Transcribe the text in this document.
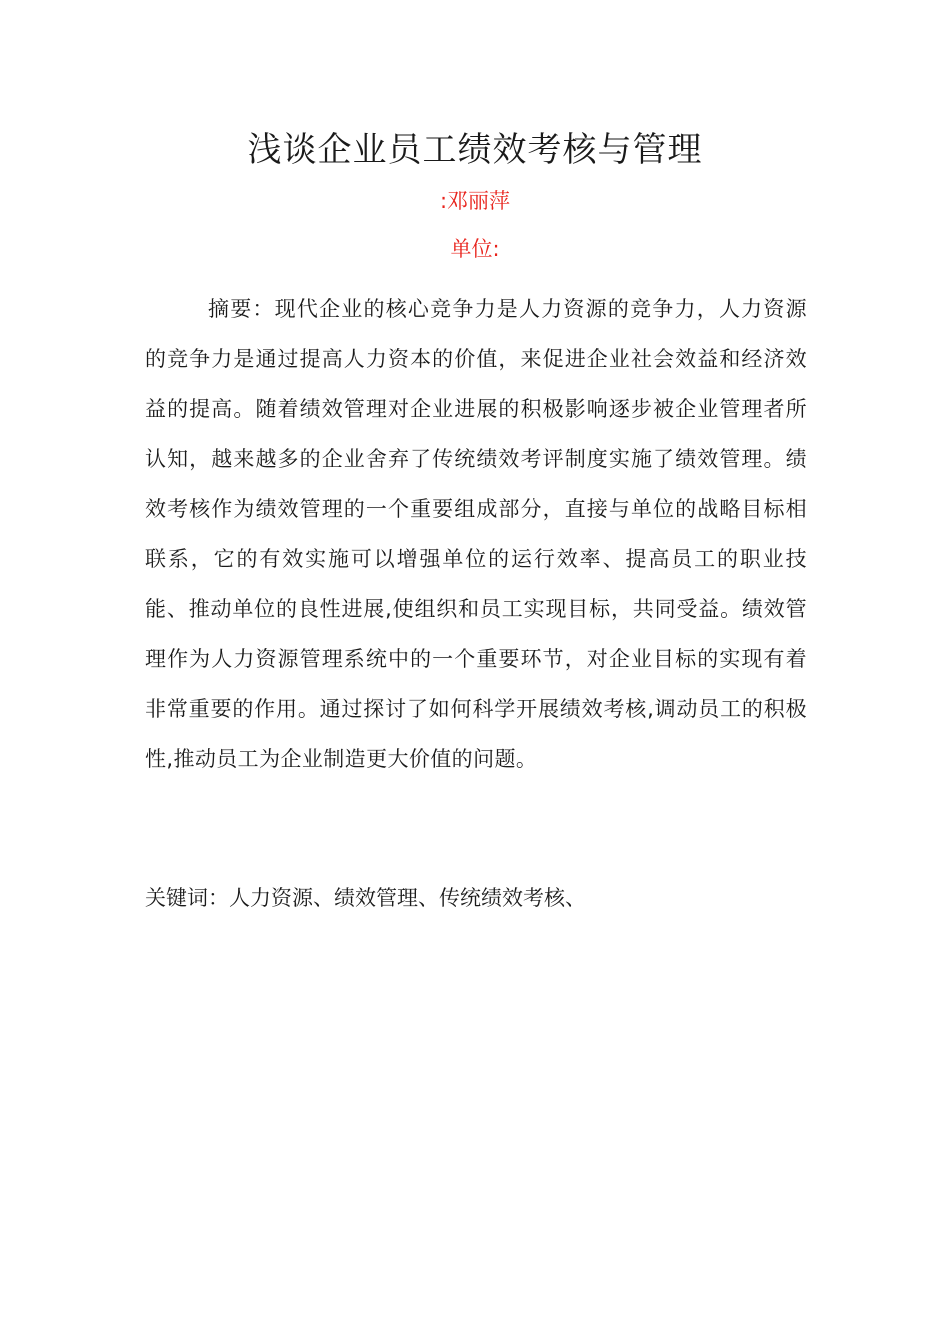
浅谈企业员工绩效考核与管理
:邓丽萍
单位:

摘要：现代企业的核心竞争力是人力资源的竞争力，人力资源的竞争力是通过提高人力资本的价值，来促进企业社会效益和经济效益的提高。随着绩效管理对企业进展的积极影响逐步被企业管理者所认知，越来越多的企业舍弃了传统绩效考评制度实施了绩效管理。绩效考核作为绩效管理的一个重要组成部分，直接与单位的战略目标相联系，它的有效实施可以增强单位的运行效率、提高员工的职业技能、推动单位的良性进展,使组织和员工实现目标，共同受益。绩效管理作为人力资源管理系统中的一个重要环节，对企业目标的实现有着非常重要的作用。通过探讨了如何科学开展绩效考核,调动员工的积极性,推动员工为企业制造更大价值的问题。

关键词：人力资源、绩效管理、传统绩效考核、
